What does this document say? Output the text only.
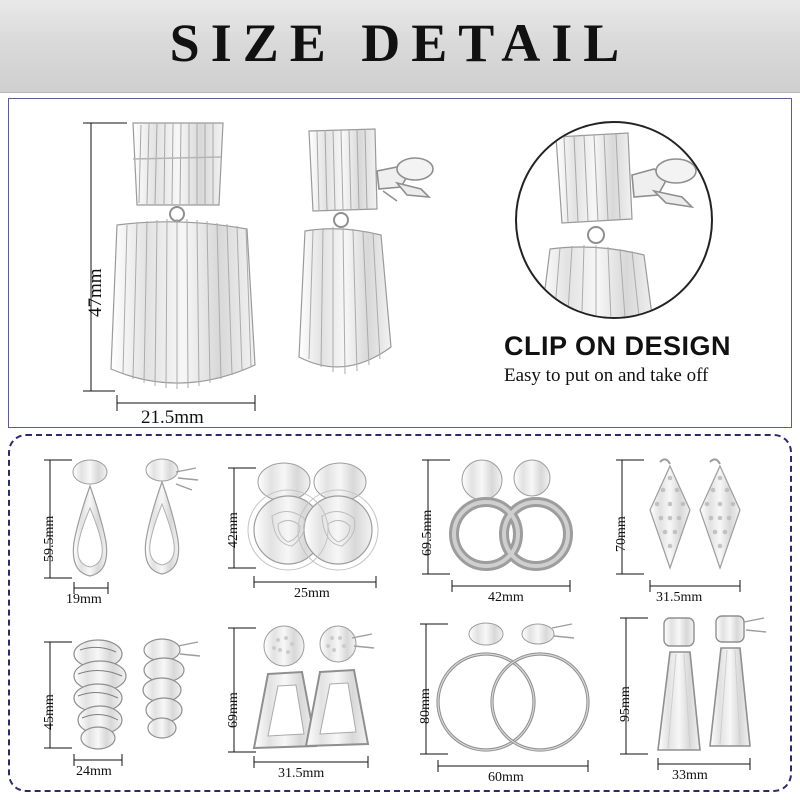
SIZE DETAIL
47mm
21.5mm
CLIP ON DESIGN
Easy to put on and take off
59.5mm
19mm
42mm
25mm
69.5mm
42mm
70mm
31.5mm
45mm
24mm
69mm
31.5mm
80mm
60mm
95mm
33mm
